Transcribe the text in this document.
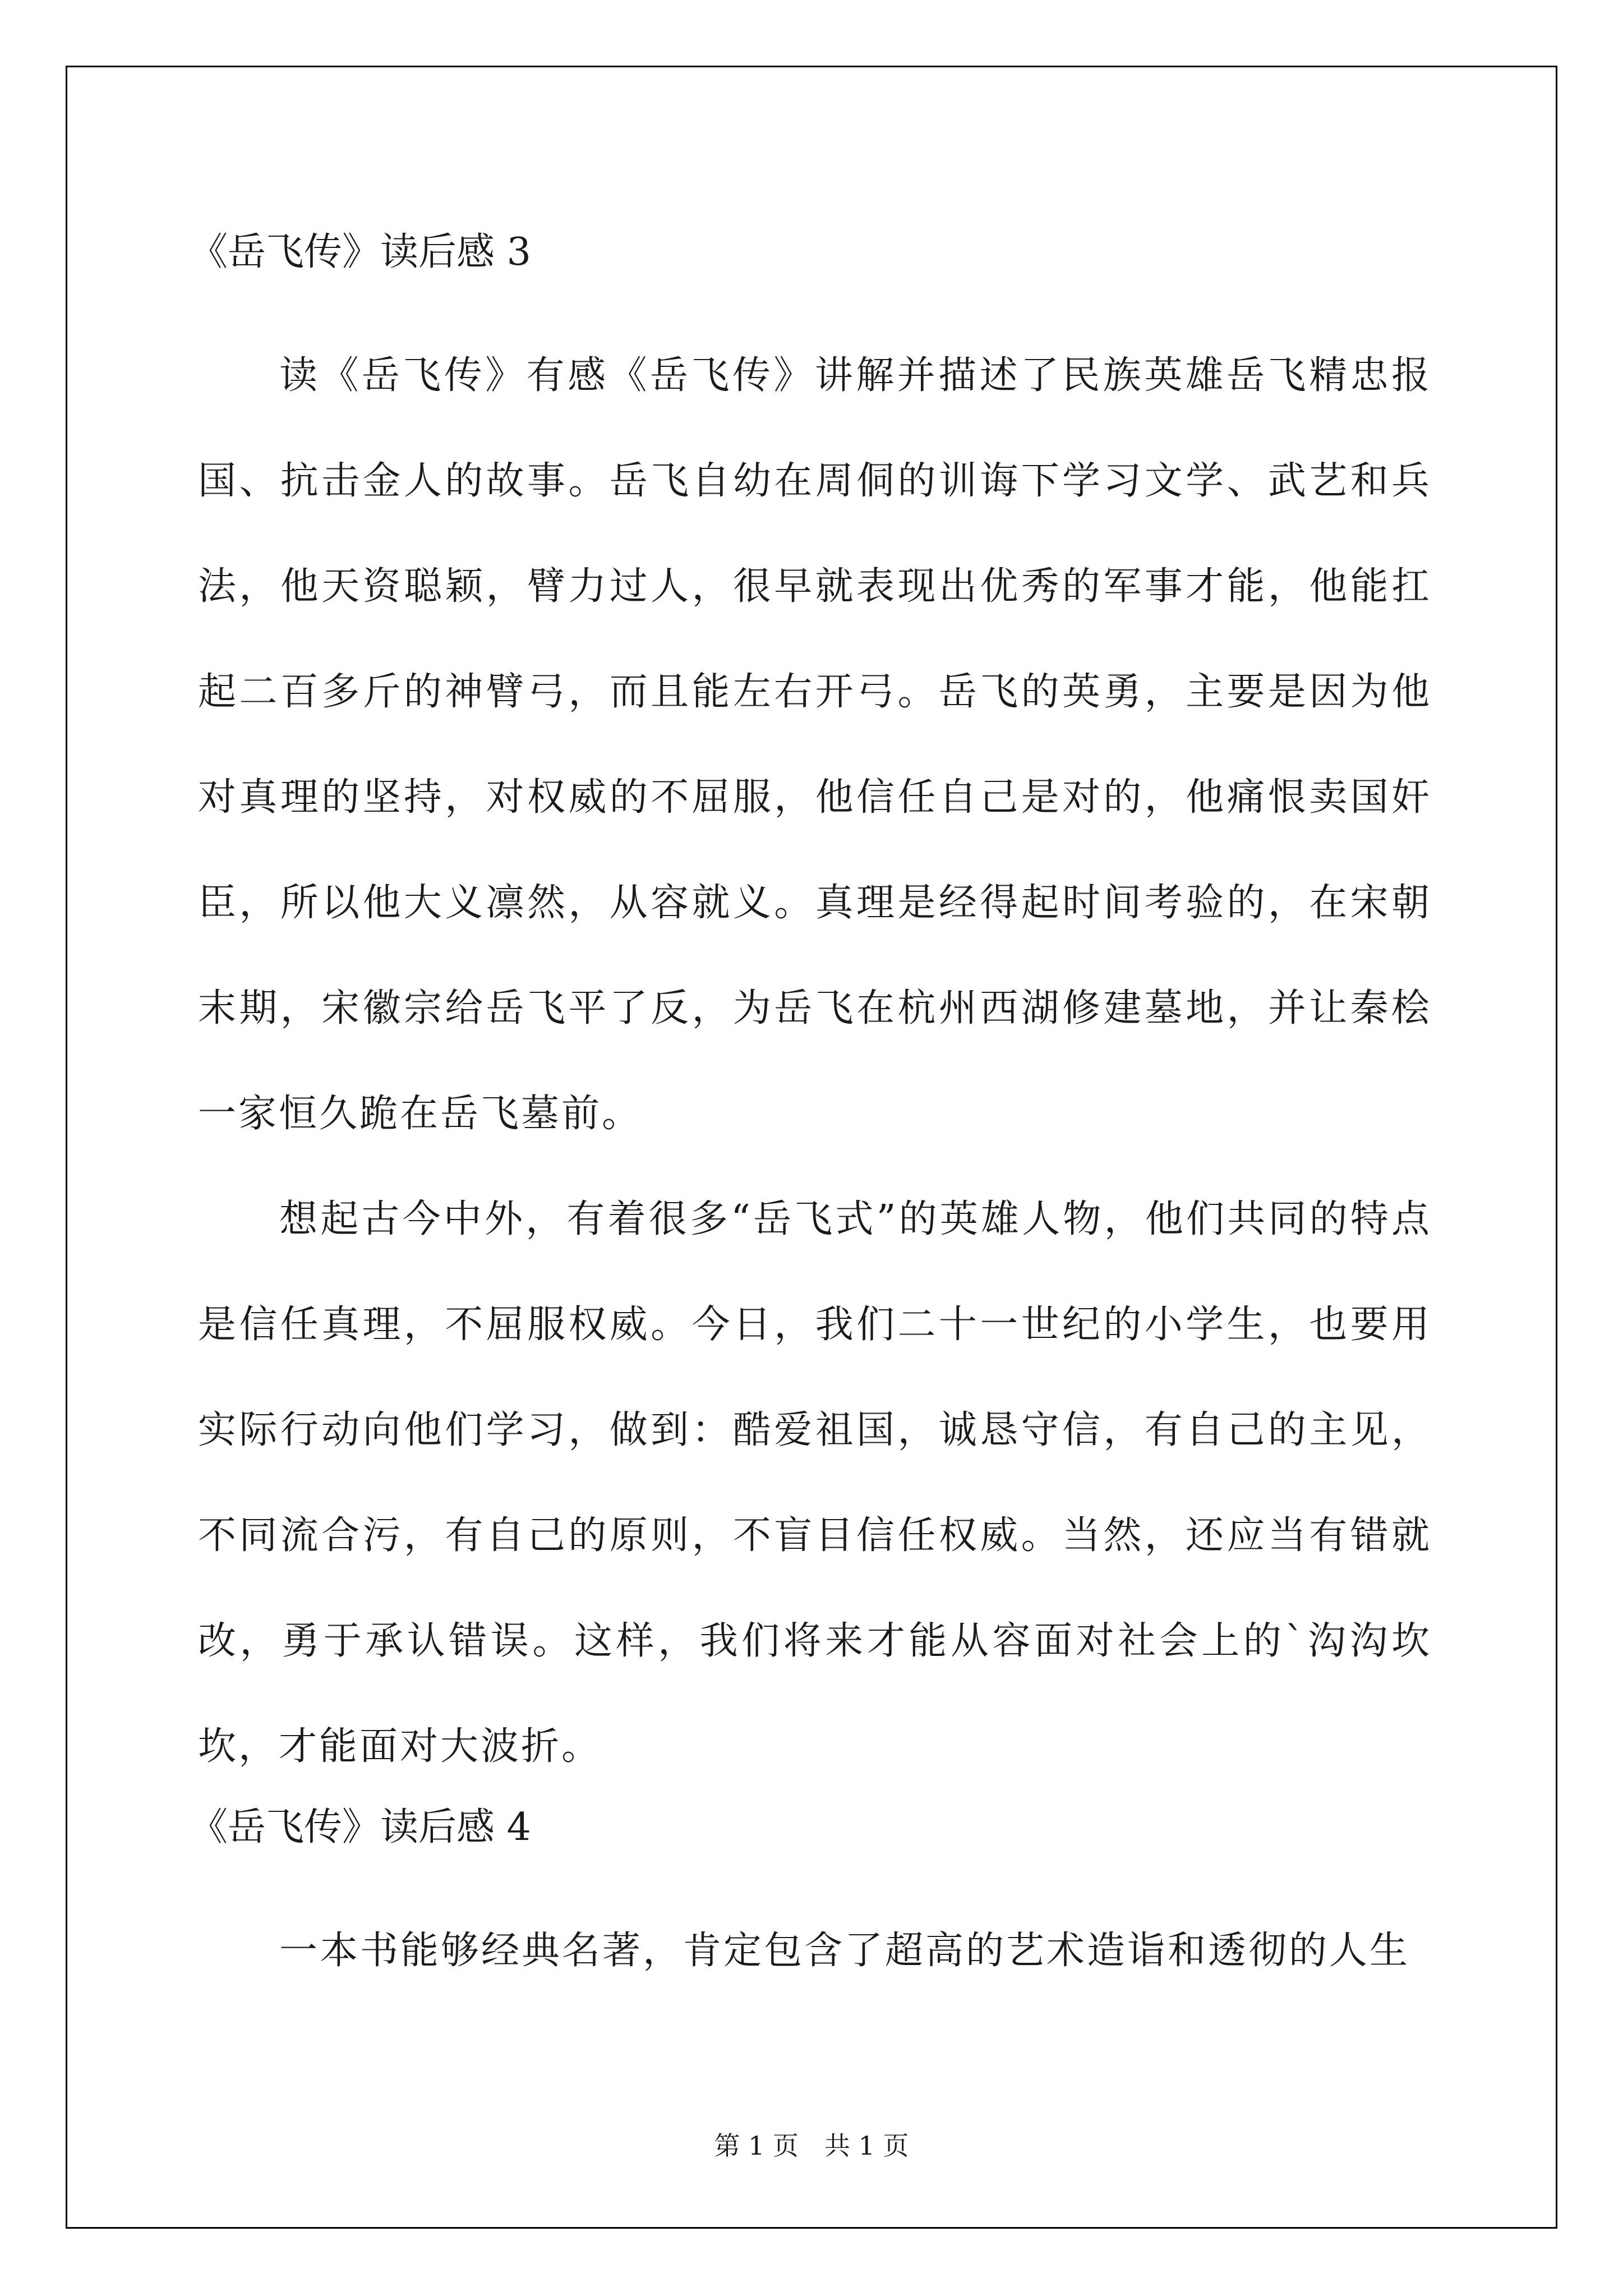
《岳飞传》读后感 3

读《岳飞传》有感《岳飞传》讲解并描述了民族英雄岳飞精忠报国、抗击金人的故事。岳飞自幼在周侗的训诲下学习文学、武艺和兵法，他天资聪颖，臂力过人，很早就表现出优秀的军事才能，他能扛起二百多斤的神臂弓，而且能左右开弓。岳飞的英勇，主要是因为他对真理的坚持，对权威的不屈服，他信任自己是对的，他痛恨卖国奸臣，所以他大义凛然，从容就义。真理是经得起时间考验的，在宋朝末期，宋徽宗给岳飞平了反，为岳飞在杭州西湖修建墓地，并让秦桧一家恒久跪在岳飞墓前。

想起古今中外，有着很多“岳飞式”的英雄人物，他们共同的特点是信任真理，不屈服权威。今日，我们二十一世纪的小学生，也要用实际行动向他们学习，做到：酷爱祖国，诚恳守信，有自己的主见，不同流合污，有自己的原则，不盲目信任权威。当然，还应当有错就改，勇于承认错误。这样，我们将来才能从容面对社会上的`沟沟坎坎，才能面对大波折。

《岳飞传》读后感 4

一本书能够经典名著，肯定包含了超高的艺术造诣和透彻的人生

第 1 页　共 1 页
